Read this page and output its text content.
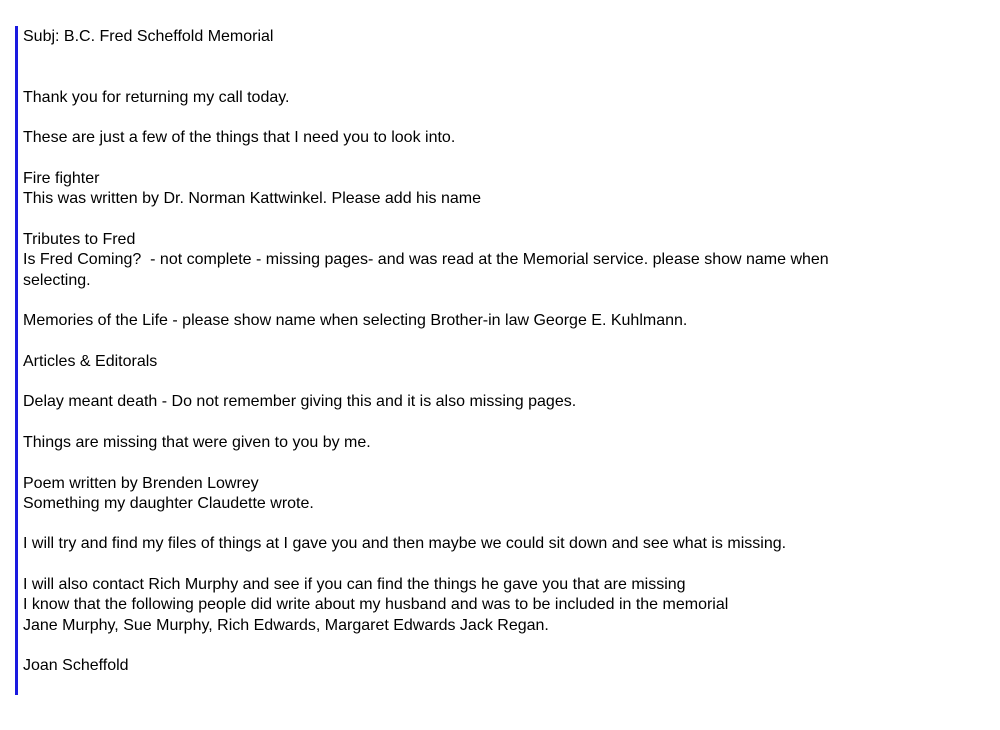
Subj: B.C. Fred Scheffold Memorial
Thank you for returning my call today.
These are just a few of the things that I need you to look into.
Fire fighter
This was written by Dr. Norman Kattwinkel. Please add his name
Tributes to Fred
Is Fred Coming?  - not complete - missing pages- and was read at the Memorial service. please show name when selecting.
Memories of the Life - please show name when selecting Brother-in law George E. Kuhlmann.
Articles & Editorals
Delay meant death - Do not remember giving this and it is also missing pages.
Things are missing that were given to you by me.
Poem written by Brenden Lowrey
Something my daughter Claudette wrote.
I will try and find my files of things at I gave you and then maybe we could sit down and see what is missing.
I will also contact Rich Murphy and see if you can find the things he gave you that are missing
I know that the following people did write about my husband and was to be included in the memorial
Jane Murphy, Sue Murphy, Rich Edwards, Margaret Edwards Jack Regan.
Joan Scheffold
